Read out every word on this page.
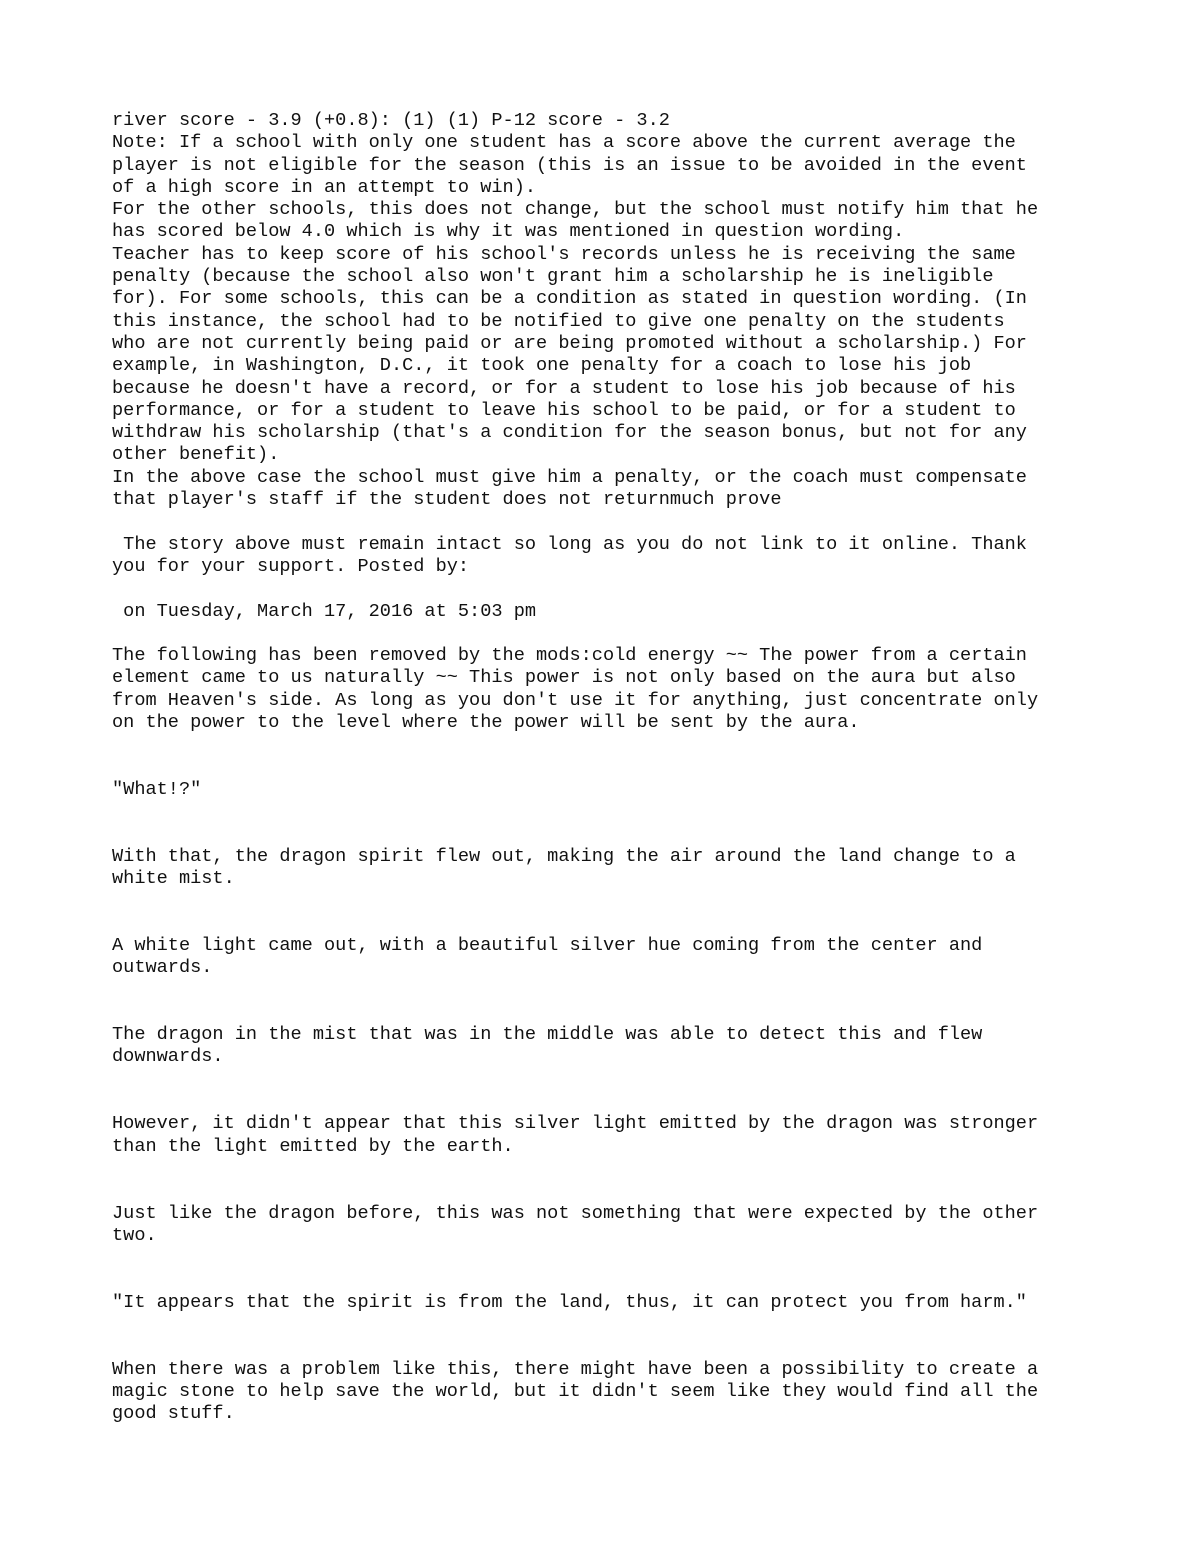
river score - 3.9 (+0.8): (1) (1) P-12 score - 3.2
Note: If a school with only one student has a score above the current average the
player is not eligible for the season (this is an issue to be avoided in the event
of a high score in an attempt to win).
For the other schools, this does not change, but the school must notify him that he
has scored below 4.0 which is why it was mentioned in question wording.
Teacher has to keep score of his school's records unless he is receiving the same
penalty (because the school also won't grant him a scholarship he is ineligible
for). For some schools, this can be a condition as stated in question wording. (In
this instance, the school had to be notified to give one penalty on the students
who are not currently being paid or are being promoted without a scholarship.) For
example, in Washington, D.C., it took one penalty for a coach to lose his job
because he doesn't have a record, or for a student to lose his job because of his
performance, or for a student to leave his school to be paid, or for a student to
withdraw his scholarship (that's a condition for the season bonus, but not for any
other benefit).
In the above case the school must give him a penalty, or the coach must compensate
that player's staff if the student does not returnmuch prove
The story above must remain intact so long as you do not link to it online. Thank
you for your support. Posted by:
on Tuesday, March 17, 2016 at 5:03 pm
The following has been removed by the mods:cold energy ~~ The power from a certain
element came to us naturally ~~ This power is not only based on the aura but also
from Heaven's side. As long as you don't use it for anything, just concentrate only
on the power to the level where the power will be sent by the aura.
"What!?"
With that, the dragon spirit flew out, making the air around the land change to a
white mist.
A white light came out, with a beautiful silver hue coming from the center and
outwards.
The dragon in the mist that was in the middle was able to detect this and flew
downwards.
However, it didn't appear that this silver light emitted by the dragon was stronger
than the light emitted by the earth.
Just like the dragon before, this was not something that were expected by the other
two.
"It appears that the spirit is from the land, thus, it can protect you from harm."
When there was a problem like this, there might have been a possibility to create a
magic stone to help save the world, but it didn't seem like they would find all the
good stuff.
